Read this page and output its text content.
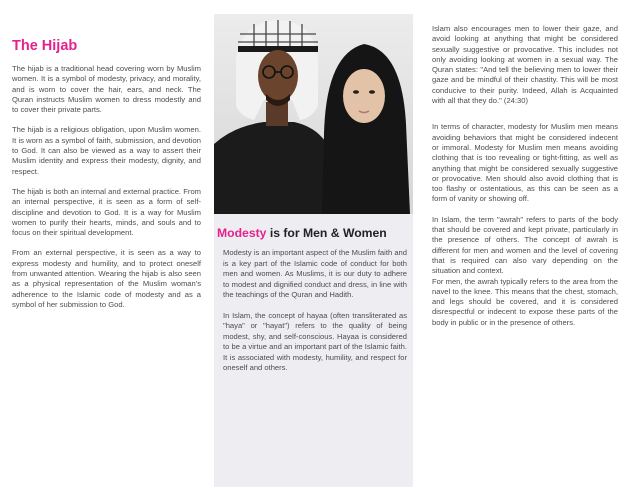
The Hijab

The hijab is a traditional head covering worn by Muslim women. It is a symbol of modesty, privacy, and morality, and is worn to cover the hair, ears, and neck. The Quran instructs Muslim women to dress modestly and to cover their private parts.

The hijab is a religious obligation, upon Muslim women. It is worn as a symbol of faith, submission, and devotion to God. It can also be viewed as a way to assert their Muslim identity and express their modesty, dignity, and respect.

The hijab is both an internal and external practice. From an internal perspective, it is seen as a form of self-discipline and devotion to God. It is a way for Muslim women to purify their hearts, minds, and souls and to focus on their spiritual development.

From an external perspective, it is seen as a way to express modesty and humility, and to protect oneself from unwanted attention. Wearing the hijab is also seen as a physical representation of the Muslim woman's adherence to the Islamic code of modesty and as a symbol of her submission to God.

Modesty is for Men & Women

Modesty is an important aspect of the Muslim faith and is a key part of the Islamic code of conduct for both men and women. As Muslims, it is our duty to adhere to modest and dignified conduct and dress, in line with the teachings of the Quran and Hadith.

In Islam, the concept of hayaa (often transliterated as "haya" or "hayat") refers to the quality of being modest, shy, and self-conscious. Hayaa is considered to be a virtue and an important part of the Islamic faith. It is associated with modesty, humility, and respect for oneself and others.

Islam also encourages men to lower their gaze, and avoid looking at anything that might be considered sexually suggestive or provocative. This includes not only avoiding looking at women in a sexual way. The Quran states: "And tell the believing men to lower their gaze and be mindful of their chastity. This will be most conducive to their purity. Indeed, Allah is Acquainted with all that they do." (24:30)

In terms of character, modesty for Muslim men means avoiding behaviors that might be considered indecent or immoral. Modesty for Muslim men means avoiding clothing that is too revealing or tight-fitting, as well as anything that might be considered sexually suggestive or provocative. Men should also avoid clothing that is too flashy or ostentatious, as this can be seen as a form of vanity or showing off.

In Islam, the term "awrah" refers to parts of the body that should be covered and kept private, particularly in the presence of others. The concept of awrah is different for men and women and the level of covering that is required can also vary depending on the situation and context.

For men, the awrah typically refers to the area from the navel to the knee. This means that the chest, stomach, and legs should be covered, and it is considered disrespectful or indecent to expose these parts of the body in public or in the presence of others.
